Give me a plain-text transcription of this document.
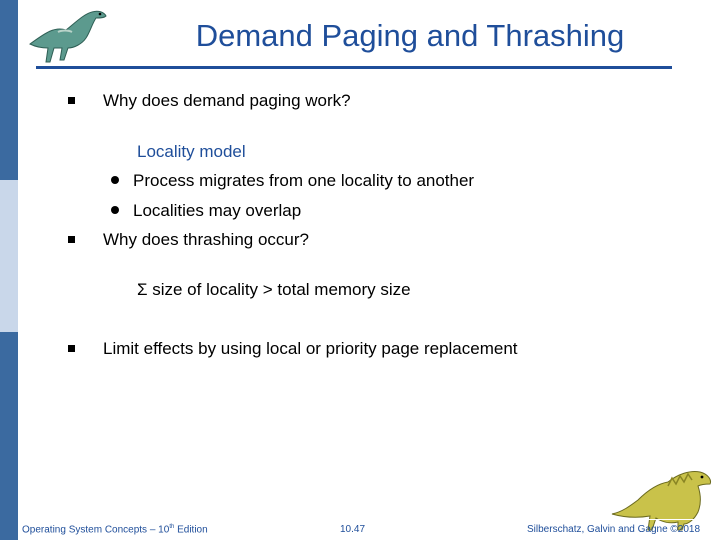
Demand Paging and Thrashing
Why does demand paging work?
Locality model
Process migrates from one locality to another
Localities may overlap
Why does thrashing occur?
Σ size of locality > total memory size
Limit effects by using local or priority page replacement
Operating System Concepts – 10th Edition	10.47	Silberschatz, Galvin and Gagne ©2018
